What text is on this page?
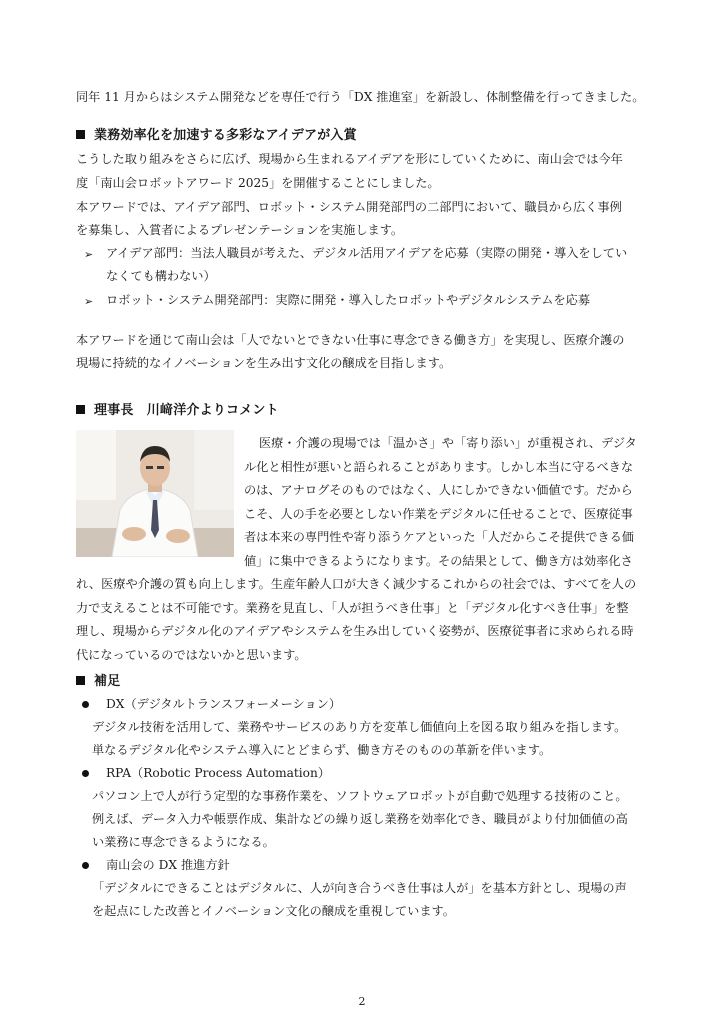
同年 11 月からはシステム開発などを専任で行う「DX 推進室」を新設し、体制整備を行ってきました。
業務効率化を加速する多彩なアイデアが入賞
こうした取り組みをさらに広げ、現場から生まれるアイデアを形にしていくために、南山会では今年
度「南山会ロボットアワード 2025」を開催することにしました。
本アワードでは、アイデア部門、ロボット・システム開発部門の二部門において、職員から広く事例
を募集し、入賞者によるプレゼンテーションを実施します。
➢ アイデア部門：当法人職員が考えた、デジタル活用アイデアを応募（実際の開発・導入をしてい
なくても構わない）
➢ ロボット・システム開発部門：実際に開発・導入したロボットやデジタルシステムを応募
本アワードを通じて南山会は「人でないとできない仕事に専念できる働き方」を実現し、医療介護の
現場に持続的なイノベーションを生み出す文化の醸成を目指します。
理事長　川﨑洋介よりコメント
医療・介護の現場では「温かさ」や「寄り添い」が重視され、デジタ
ル化と相性が悪いと語られることがあります。しかし本当に守るべきな
のは、アナログそのものではなく、人にしかできない価値です。だから
こそ、人の手を必要としない作業をデジタルに任せることで、医療従事
者は本来の専門性や寄り添うケアといった「人だからこそ提供できる価
値」に集中できるようになります。その結果として、働き方は効率化さ
れ、医療や介護の質も向上します。生産年齢人口が大きく減少するこれからの社会では、すべてを人の
力で支えることは不可能です。業務を見直し、「人が担うべき仕事」と「デジタル化すべき仕事」を整
理し、現場からデジタル化のアイデアやシステムを生み出していく姿勢が、医療従事者に求められる時
代になっているのではないかと思います。
補足
DX（デジタルトランスフォーメーション）
デジタル技術を活用して、業務やサービスのあり方を変革し価値向上を図る取り組みを指します。
単なるデジタル化やシステム導入にとどまらず、働き方そのものの革新を伴います。
RPA（Robotic Process Automation）
パソコン上で人が行う定型的な事務作業を、ソフトウェアロボットが自動で処理する技術のこと。
例えば、データ入力や帳票作成、集計などの繰り返し業務を効率化でき、職員がより付加価値の高
い業務に専念できるようになる。
南山会の DX 推進方針
「デジタルにできることはデジタルに、人が向き合うべき仕事は人が」を基本方針とし、現場の声
を起点にした改善とイノベーション文化の醸成を重視しています。
2
